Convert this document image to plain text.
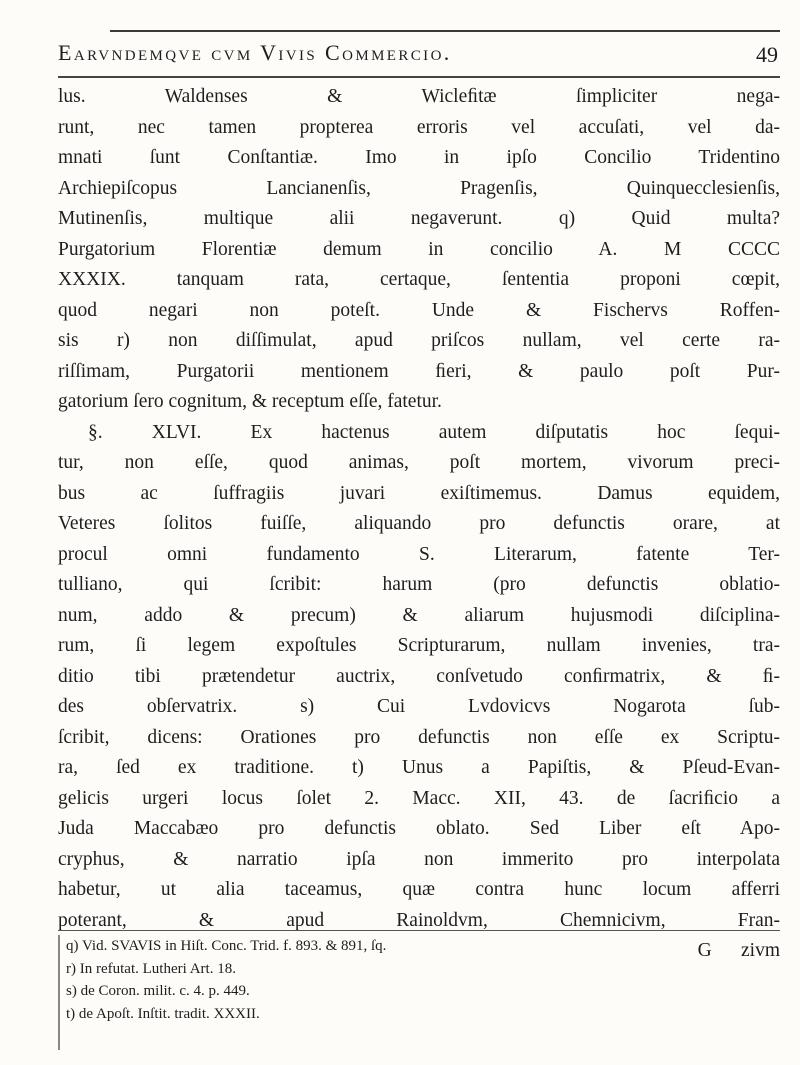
Earvndemqve cvm Vivis Commercio.	49
lus. Waldenses & Wicleﬁtæ ſimpliciter nega-
runt, nec tamen propterea erroris vel accuſati, vel da-
mnati ſunt Conſtantiæ. Imo in ipſo Concilio Tridentino
Archiepiſcopus Lancianenſis, Pragenſis, Quinquecclesienſis,
Mutinenſis, multique alii negaverunt. q) Quid multa?
Purgatorium Florentiæ demum in concilio A. M CCCC
XXXIX. tanquam rata, certaque, ſententia proponi cœpit,
quod negari non poteſt. Unde & Fischervs Roffen-
sis r) non diſſimulat, apud priſcos nullam, vel certe ra-
riſſimam, Purgatorii mentionem ﬁeri, & paulo poſt Pur-
gatorium ſero cognitum, & receptum eſſe, fatetur.
§. XLVI. Ex hactenus autem diſputatis hoc ſequi-
tur, non eſſe, quod animas, poſt mortem, vivorum preci-
bus ac ſuffragiis juvari exiſtimemus. Damus equidem,
Veteres ſolitos fuiſſe, aliquando pro defunctis orare, at
procul omni fundamento S. Literarum, fatente Ter-
tulliano, qui ſcribit: harum (pro defunctis oblatio-
num, addo & precum) & aliarum hujusmodi diſciplina-
rum, ſi legem expoſtules Scripturarum, nullam invenies, tra-
ditio tibi prætendetur auctrix, conſvetudo conﬁrmatrix, & ﬁ-
des obſervatrix. s) Cui Lvdovicvs Nogarota ſub-
ſcribit, dicens: Orationes pro defunctis non eſſe ex Scriptu-
ra, ſed ex traditione. t) Unus a Papiſtis, & Pſeud-Evan-
gelicis urgeri locus ſolet 2. Macc. XII, 43. de ſacriﬁcio a
Juda Maccabæo pro defunctis oblato. Sed Liber eſt Apo-
cryphus, & narratio ipſa non immerito pro interpolata
habetur, ut alia taceamus, quæ contra hunc locum afferri
poterant, & apud Rainoldvm, Chemnicivm, Fran-
G      zivm
q) Vid. SVAVIS in Hiſt. Conc. Trid. f. 893. & 891, ſq.
r) In refutat. Lutheri Art. 18.
s) de Coron. milit. c. 4. p. 449.
t) de Apoſt. Inſtit. tradit. XXXII.
